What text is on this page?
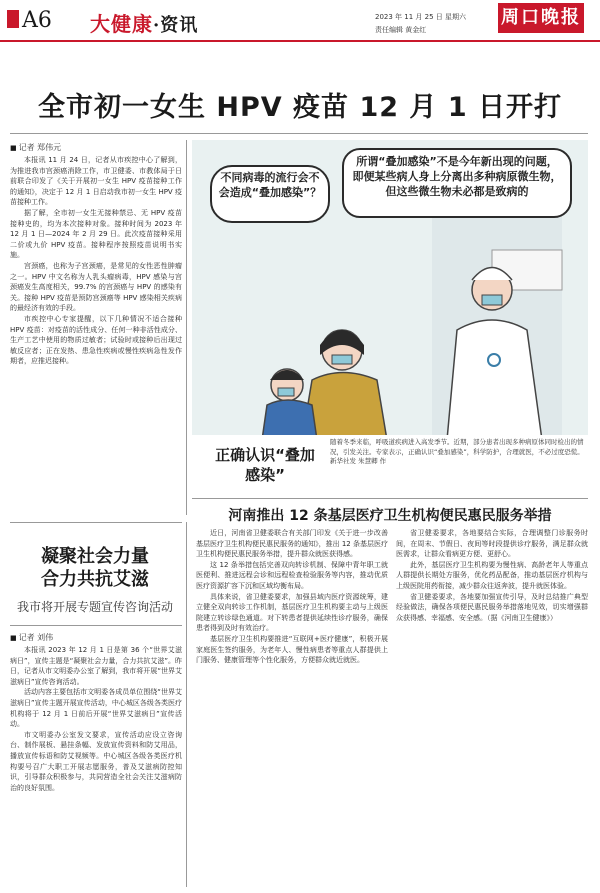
A6 大健康·资讯	2023 年 11 月 25 日 星期六
责任编辑 黄金红
周口晚报
全市初一女生 HPV 疫苗 12 月 1 日开打
■ 记者 郑伟元

本报讯 11 月 24 日，记者从市疾控中心了解到，为推进我市宫颈癌消除工作，市卫健委、市教体局于日前联合印发了《关于开展初一女生 HPV 疫苗接种工作的通知》，决定于 12 月 1 日启动我市初一女生 HPV 疫苗接种工作。

据了解，全市初一女生无接种禁忌、无 HPV 疫苗接种史的，均为本次接种对象。接种时间为 2023 年 12 月 1 日—2024 年 2 月 29 日。此次疫苗接种采用二价或九价 HPV 疫苗。接种程序按照疫苗说明书实施。

宫颈癌，也称为子宫颈癌，是常见的女性恶性肿瘤之一。HPV 中文名称为人乳头瘤病毒，HPV 感染与宫颈癌发生高度相关，99.7% 的宫颈癌与 HPV 的感染有关。接种 HPV 疫苗是预防宫颈癌等 HPV 感染相关疾病的最经济有效的手段。

市疾控中心专家提醒，以下几种情况不适合接种 HPV 疫苗：对疫苗的活性成分、任何一种非活性成分、生产工艺中使用的物质过敏者；试验时或接种后出现过敏反应者；正在发热、患急性疾病或慢性疾病急性发作期者，应推迟接种。

不同病毒的流行会不会造成“叠加感染”？
所谓“叠加感染”不是今年新出现的问题，即便某些病人身上分离出多种病原微生物，但这些微生物未必都是致病的
正确认识“叠加感染”
随着冬季来临，呼吸道疾病进入高发季节。近期，部分患者出现多种病原体同时检出的情况，引发关注。专家表示，正确认识“叠加感染”，科学防护，合理就医，不必过度恐慌。 新华社发 朱慧卿 作
河南推出 12 条基层医疗卫生机构便民惠民服务举措

近日，河南省卫健委联合有关部门印发《关于进一步改善基层医疗卫生机构便民惠民服务的通知》，推出 12 条基层医疗卫生机构便民惠民服务举措，提升群众就医获得感。

这 12 条举措包括完善双向转诊机制、保障中青年职工就医便利、推进远程会诊和远程检查检验服务等内容，推动优质医疗资源扩容下沉和区域均衡布局。

具体来说，省卫健委要求，加强县域内医疗资源统筹，建立健全双向转诊工作机制，基层医疗卫生机构要主动与上级医院建立转诊绿色通道。对下转患者提供延续性诊疗服务，确保患者得到及时有效治疗。

基层医疗卫生机构要推进“互联网+医疗健康”，积极开展家庭医生签约服务，为老年人、慢性病患者等重点人群提供上门服务、健康管理等个性化服务，方便群众就近就医。

省卫健委要求，各地要结合实际，合理调整门诊服务时间，在周末、节假日、夜间等时段提供诊疗服务，满足群众就医需求，让群众看病更方便、更舒心。

此外，基层医疗卫生机构要为慢性病、高龄老年人等重点人群提供长期处方服务，优化药品配备，推动基层医疗机构与上级医院用药衔接，减少群众往返奔波，提升就医体验。

省卫健委要求，各地要加强宣传引导，及时总结推广典型经验做法，确保各项便民惠民服务举措落地见效，切实增强群众获得感、幸福感、安全感。（据《河南卫生健康》）

凝聚社会力量
合力共抗艾滋
我市将开展专题宣传咨询活动
■ 记者 刘伟

本报讯 2023 年 12 月 1 日是第 36 个“世界艾滋病日”，宣传主题是“凝聚社会力量，合力共抗艾滋”。昨日，记者从市文明委办公室了解到，我市将开展“世界艾滋病日”宣传咨询活动。

活动内容主要包括市文明委各成员单位围绕“世界艾滋病日”宣传主题开展宣传活动，中心城区各级各类医疗机构将于 12 月 1 日前后开展“世界艾滋病日”宣传活动。

市文明委办公室发文要求，宣传活动应设立咨询台、制作展板、悬挂条幅、发放宣传资料和防艾用品，播放宣传标语和防艾视频等。中心城区各级各类医疗机构要号召广大职工开展志愿服务，普及艾滋病防控知识，引导群众积极参与，共同营造全社会关注艾滋病防治的良好氛围。
